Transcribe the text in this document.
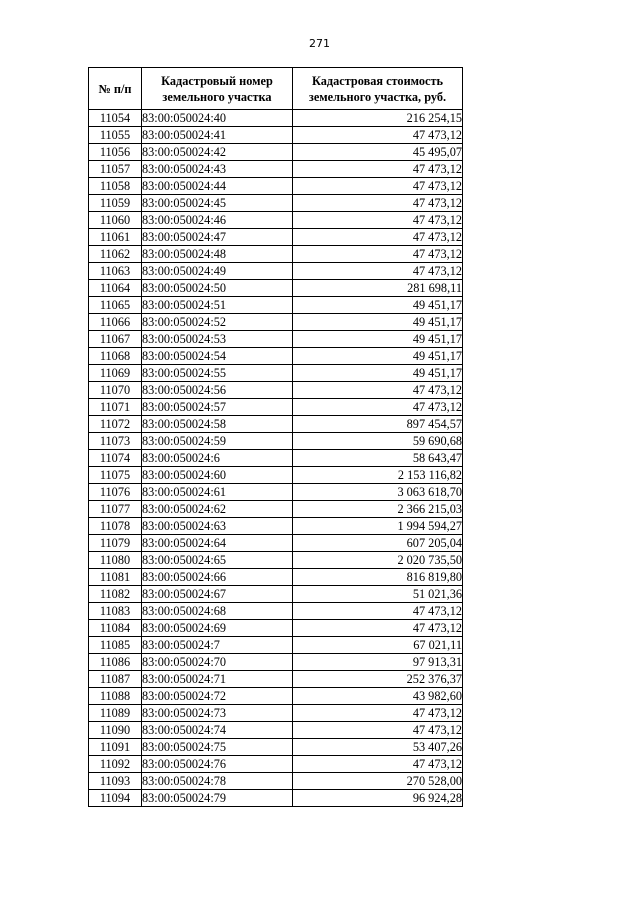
271
№ п/п	Кадастровый номер земельного участка	Кадастровая стоимость земельного участка, руб.
11054	83:00:050024:40	216 254,15
11055	83:00:050024:41	47 473,12
11056	83:00:050024:42	45 495,07
11057	83:00:050024:43	47 473,12
11058	83:00:050024:44	47 473,12
11059	83:00:050024:45	47 473,12
11060	83:00:050024:46	47 473,12
11061	83:00:050024:47	47 473,12
11062	83:00:050024:48	47 473,12
11063	83:00:050024:49	47 473,12
11064	83:00:050024:50	281 698,11
11065	83:00:050024:51	49 451,17
11066	83:00:050024:52	49 451,17
11067	83:00:050024:53	49 451,17
11068	83:00:050024:54	49 451,17
11069	83:00:050024:55	49 451,17
11070	83:00:050024:56	47 473,12
11071	83:00:050024:57	47 473,12
11072	83:00:050024:58	897 454,57
11073	83:00:050024:59	59 690,68
11074	83:00:050024:6	58 643,47
11075	83:00:050024:60	2 153 116,82
11076	83:00:050024:61	3 063 618,70
11077	83:00:050024:62	2 366 215,03
11078	83:00:050024:63	1 994 594,27
11079	83:00:050024:64	607 205,04
11080	83:00:050024:65	2 020 735,50
11081	83:00:050024:66	816 819,80
11082	83:00:050024:67	51 021,36
11083	83:00:050024:68	47 473,12
11084	83:00:050024:69	47 473,12
11085	83:00:050024:7	67 021,11
11086	83:00:050024:70	97 913,31
11087	83:00:050024:71	252 376,37
11088	83:00:050024:72	43 982,60
11089	83:00:050024:73	47 473,12
11090	83:00:050024:74	47 473,12
11091	83:00:050024:75	53 407,26
11092	83:00:050024:76	47 473,12
11093	83:00:050024:78	270 528,00
11094	83:00:050024:79	96 924,28
